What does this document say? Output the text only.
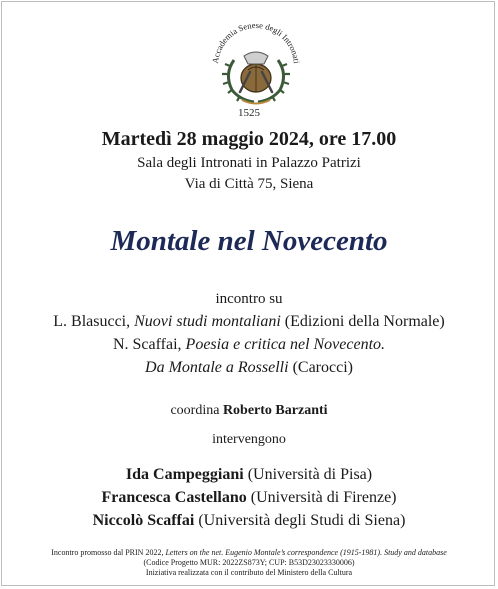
Accademia Senese degli Intronati
1525
Martedì 28 maggio 2024, ore 17.00
Sala degli Intronati in Palazzo Patrizi
Via di Città 75, Siena
Montale nel Novecento
incontro su
L. Blasucci, Nuovi studi montaliani (Edizioni della Normale)
N. Scaffai, Poesia e critica nel Novecento.
Da Montale a Rosselli (Carocci)
coordina Roberto Barzanti
intervengono
Ida Campeggiani (Università di Pisa)
Francesca Castellano (Università di Firenze)
Niccolò Scaffai (Università degli Studi di Siena)
Incontro promosso dal PRIN 2022, Letters on the net. Eugenio Montale’s correspondence (1915-1981). Study and database
(Codice Progetto MUR: 2022ZS873Y; CUP: B53D23023330006)
Iniziativa realizzata con il contributo del Ministero della Cultura
